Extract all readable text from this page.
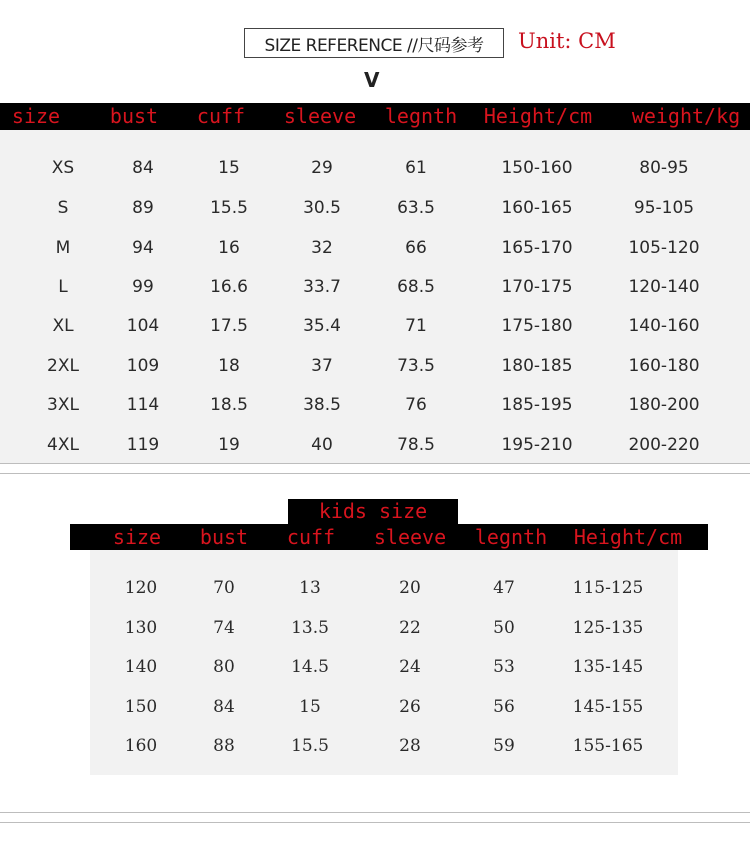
SIZE REFERENCE //尺码参考	Unit: CM
V
size bust cuff sleeve legnth Height/cm weight/kg
XS	84	15	29	61	150-160	80-95
S	89	15.5	30.5	63.5	160-165	95-105
M	94	16	32	66	165-170	105-120
L	99	16.6	33.7	68.5	170-175	120-140
XL	104	17.5	35.4	71	175-180	140-160
2XL	109	18	37	73.5	180-185	160-180
3XL	114	18.5	38.5	76	185-195	180-200
4XL	119	19	40	78.5	195-210	200-220
kids size
size bust cuff sleeve legnth Height/cm
120	70	13	20	47	115-125
130	74	13.5	22	50	125-135
140	80	14.5	24	53	135-145
150	84	15	26	56	145-155
160	88	15.5	28	59	155-165
